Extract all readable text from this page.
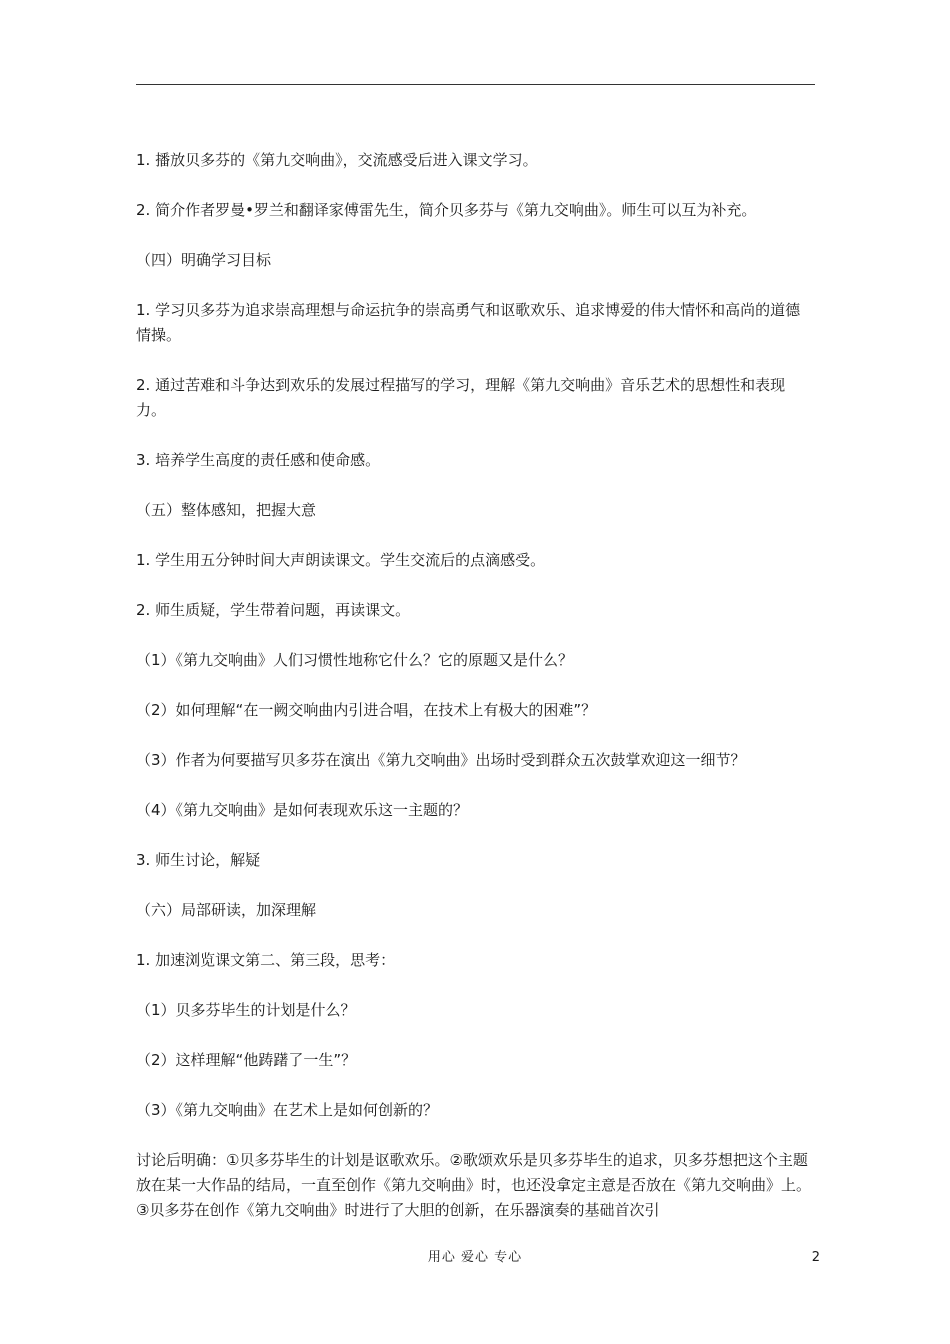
1. 播放贝多芬的《第九交响曲》，交流感受后进入课文学习。

2. 简介作者罗曼•罗兰和翻译家傅雷先生，简介贝多芬与《第九交响曲》。师生可以互为补充。

（四）明确学习目标

1. 学习贝多芬为追求崇高理想与命运抗争的崇高勇气和讴歌欢乐、追求博爱的伟大情怀和高尚的道德情操。

2. 通过苦难和斗争达到欢乐的发展过程描写的学习，理解《第九交响曲》音乐艺术的思想性和表现力。

3. 培养学生高度的责任感和使命感。

（五）整体感知，把握大意

1. 学生用五分钟时间大声朗读课文。学生交流后的点滴感受。

2. 师生质疑，学生带着问题，再读课文。

（1）《第九交响曲》人们习惯性地称它什么？它的原题又是什么？

（2）如何理解“在一阙交响曲内引进合唱，在技术上有极大的困难”？

（3）作者为何要描写贝多芬在演出《第九交响曲》出场时受到群众五次鼓掌欢迎这一细节？

（4）《第九交响曲》是如何表现欢乐这一主题的？

3. 师生讨论，解疑

（六）局部研读，加深理解

1. 加速浏览课文第二、第三段，思考：

（1）贝多芬毕生的计划是什么？

（2）这样理解“他踌躇了一生”？

（3）《第九交响曲》在艺术上是如何创新的？

讨论后明确：①贝多芬毕生的计划是讴歌欢乐。②歌颂欢乐是贝多芬毕生的追求，贝多芬想把这个主题放在某一大作品的结局，一直至创作《第九交响曲》时，也还没拿定主意是否放在《第九交响曲》上。③贝多芬在创作《第九交响曲》时进行了大胆的创新，在乐器演奏的基础首次引

用心 爱心 专心	2
